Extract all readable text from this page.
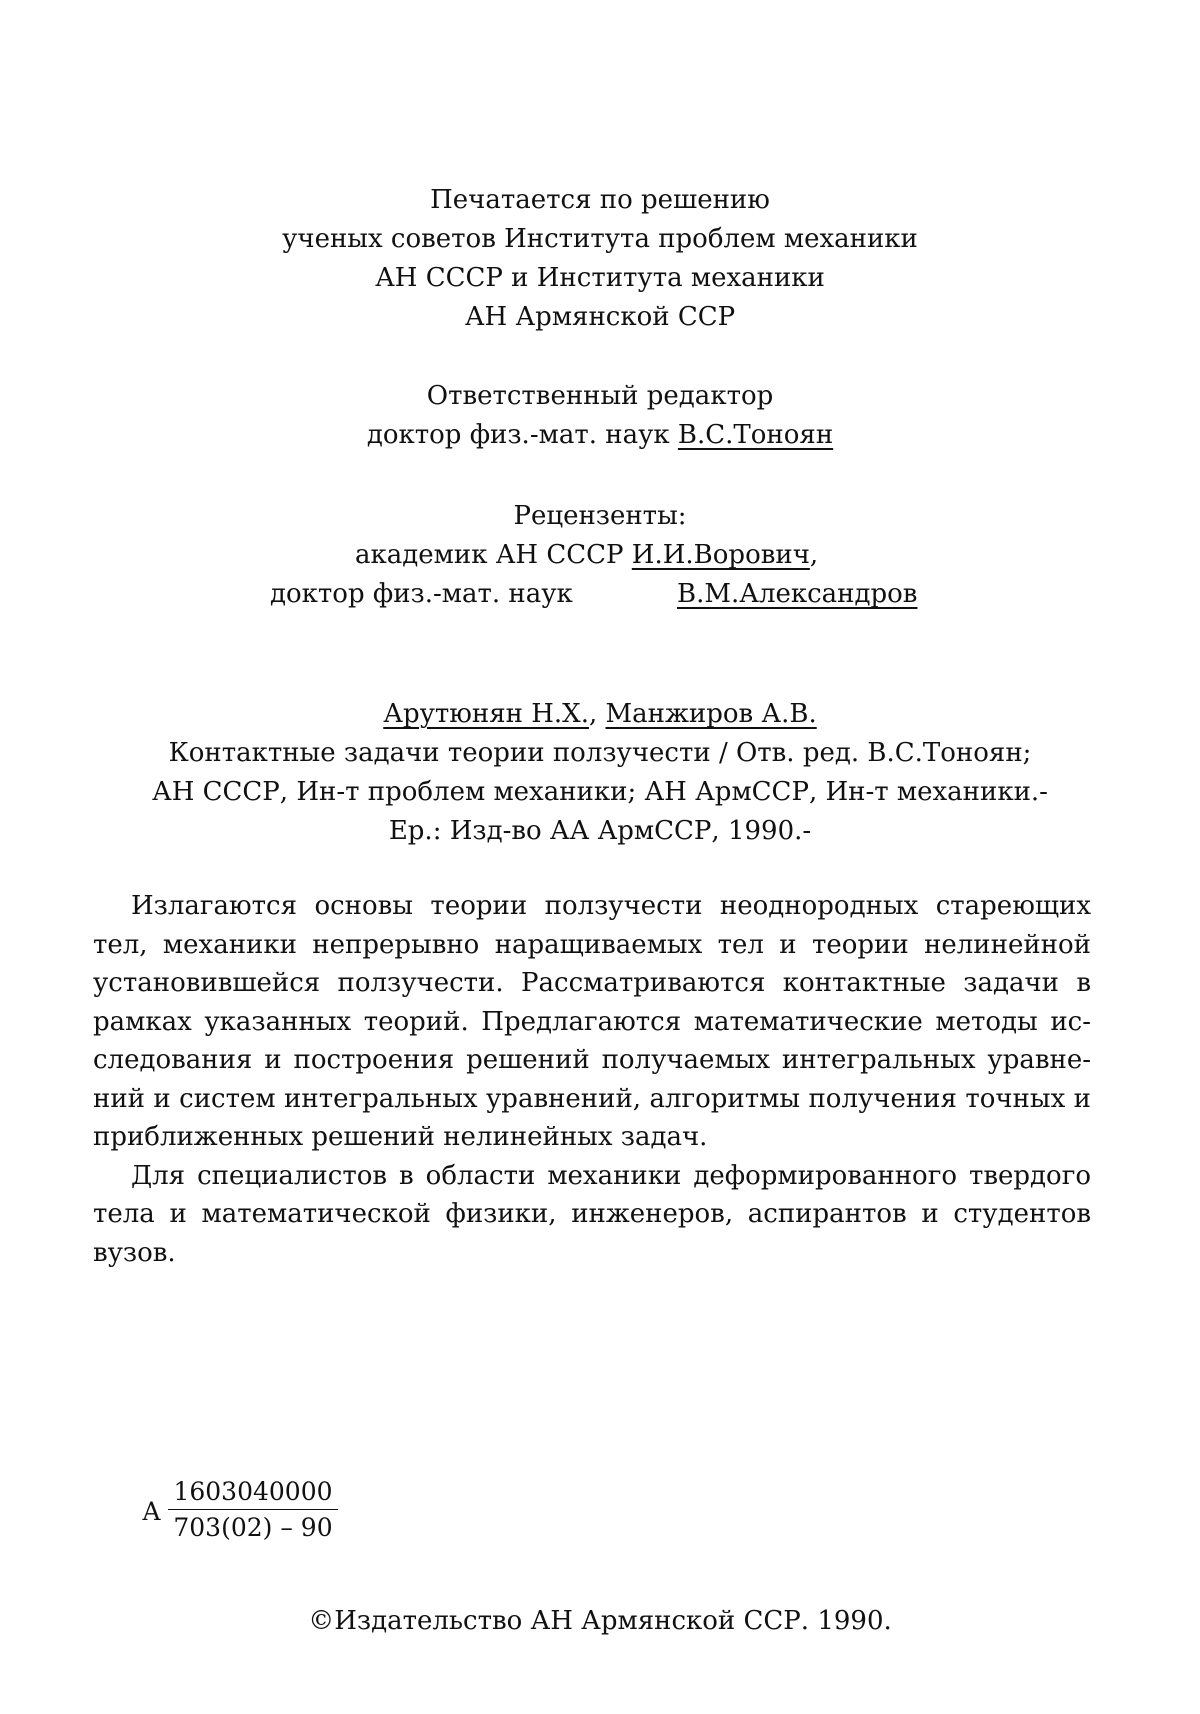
Печатается по решению
ученых советов Института проблем механики
АН СССР и Института механики
АН Армянской ССР
Ответственный редактор
доктор физ.-мат. наук В.С.Тоноян
Рецензенты:
академик АН СССР И.И.Ворович,
доктор физ.-мат. наук	В.М.Александров
Арутюнян Н.Х., Манжиров А.В.
Контактные задачи теории ползучести / Отв. ред. В.С.Тоноян;
АН СССР, Ин-т проблем механики; АН АрмССР, Ин-т механики.-
Ер.: Изд-во АА АрмССР, 1990.-

Излагаются основы теории ползучести неоднородных стареющих тел, механики непрерывно наращиваемых тел и теории нелинейной установившейся ползучести. Рассматриваются контактные задачи в рамках указанных теорий. Предлагаются математические методы исследования и построения решений получаемых интегральных уравнений и систем интегральных уравнений, алгоритмы получения точных и приближенных решений нелинейных задач.

Для специалистов в области механики деформированного твердого тела и математической физики, инженеров, аспирантов и студентов вузов.

А $\frac{1603040000}{703(02) - 90}$
©Издательство АН Армянской ССР. 1990.
